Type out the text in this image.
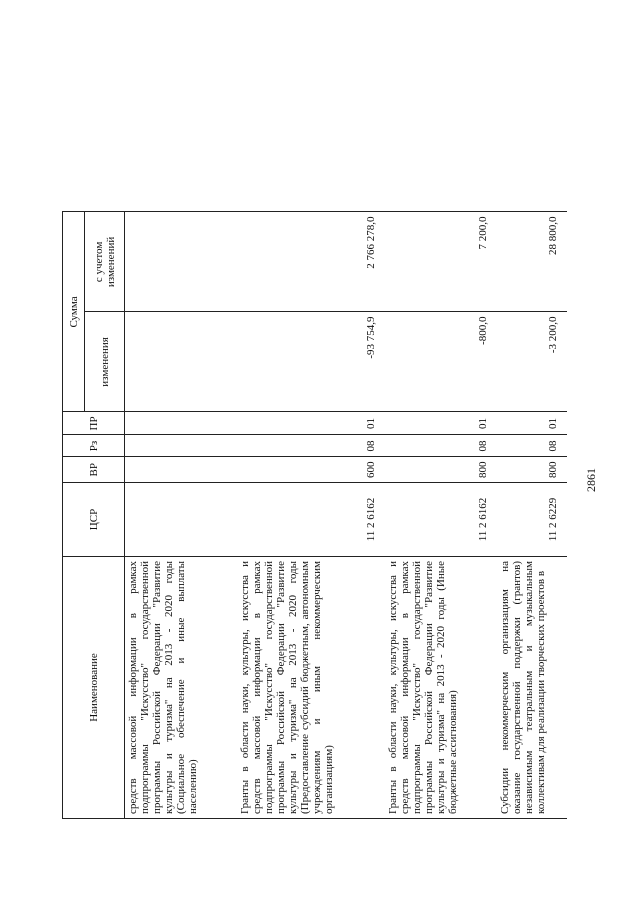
2861
Наименование	ЦСР	ВР	Рз	ПР	Сумма	
					изменения	с учетом изменений
средств массовой информации в рамках подпрограммы "Искусство" государственной программы Российской Федерации "Развитие культуры и туризма" на 2013 - 2020 годы (Социальное обеспечение и иные выплаты населению)						
Гранты в области науки, культуры, искусства и средств массовой информации в рамках подпрограммы "Искусство" государственной программы Российской Федерации "Развитие культуры и туризма" на 2013 - 2020 годы (Предоставление субсидий бюджетным, автономным учреждениям и иным некоммерческим организациям)	11 2 6162	600	08	01	-93 754,9	2 766 278,0
Гранты в области науки, культуры, искусства и средств массовой информации в рамках подпрограммы "Искусство" государственной программы Российской Федерации "Развитие культуры и туризма" на 2013 - 2020 годы (Иные бюджетные ассигнования)	11 2 6162	800	08	01	-800,0	7 200,0
Субсидии некоммерческим организациям на оказание государственной поддержки (грантов) независимым театральным и музыкальным коллективам для реализации творческих проектов в	11 2 6229	800	08	01	-3 200,0	28 800,0
